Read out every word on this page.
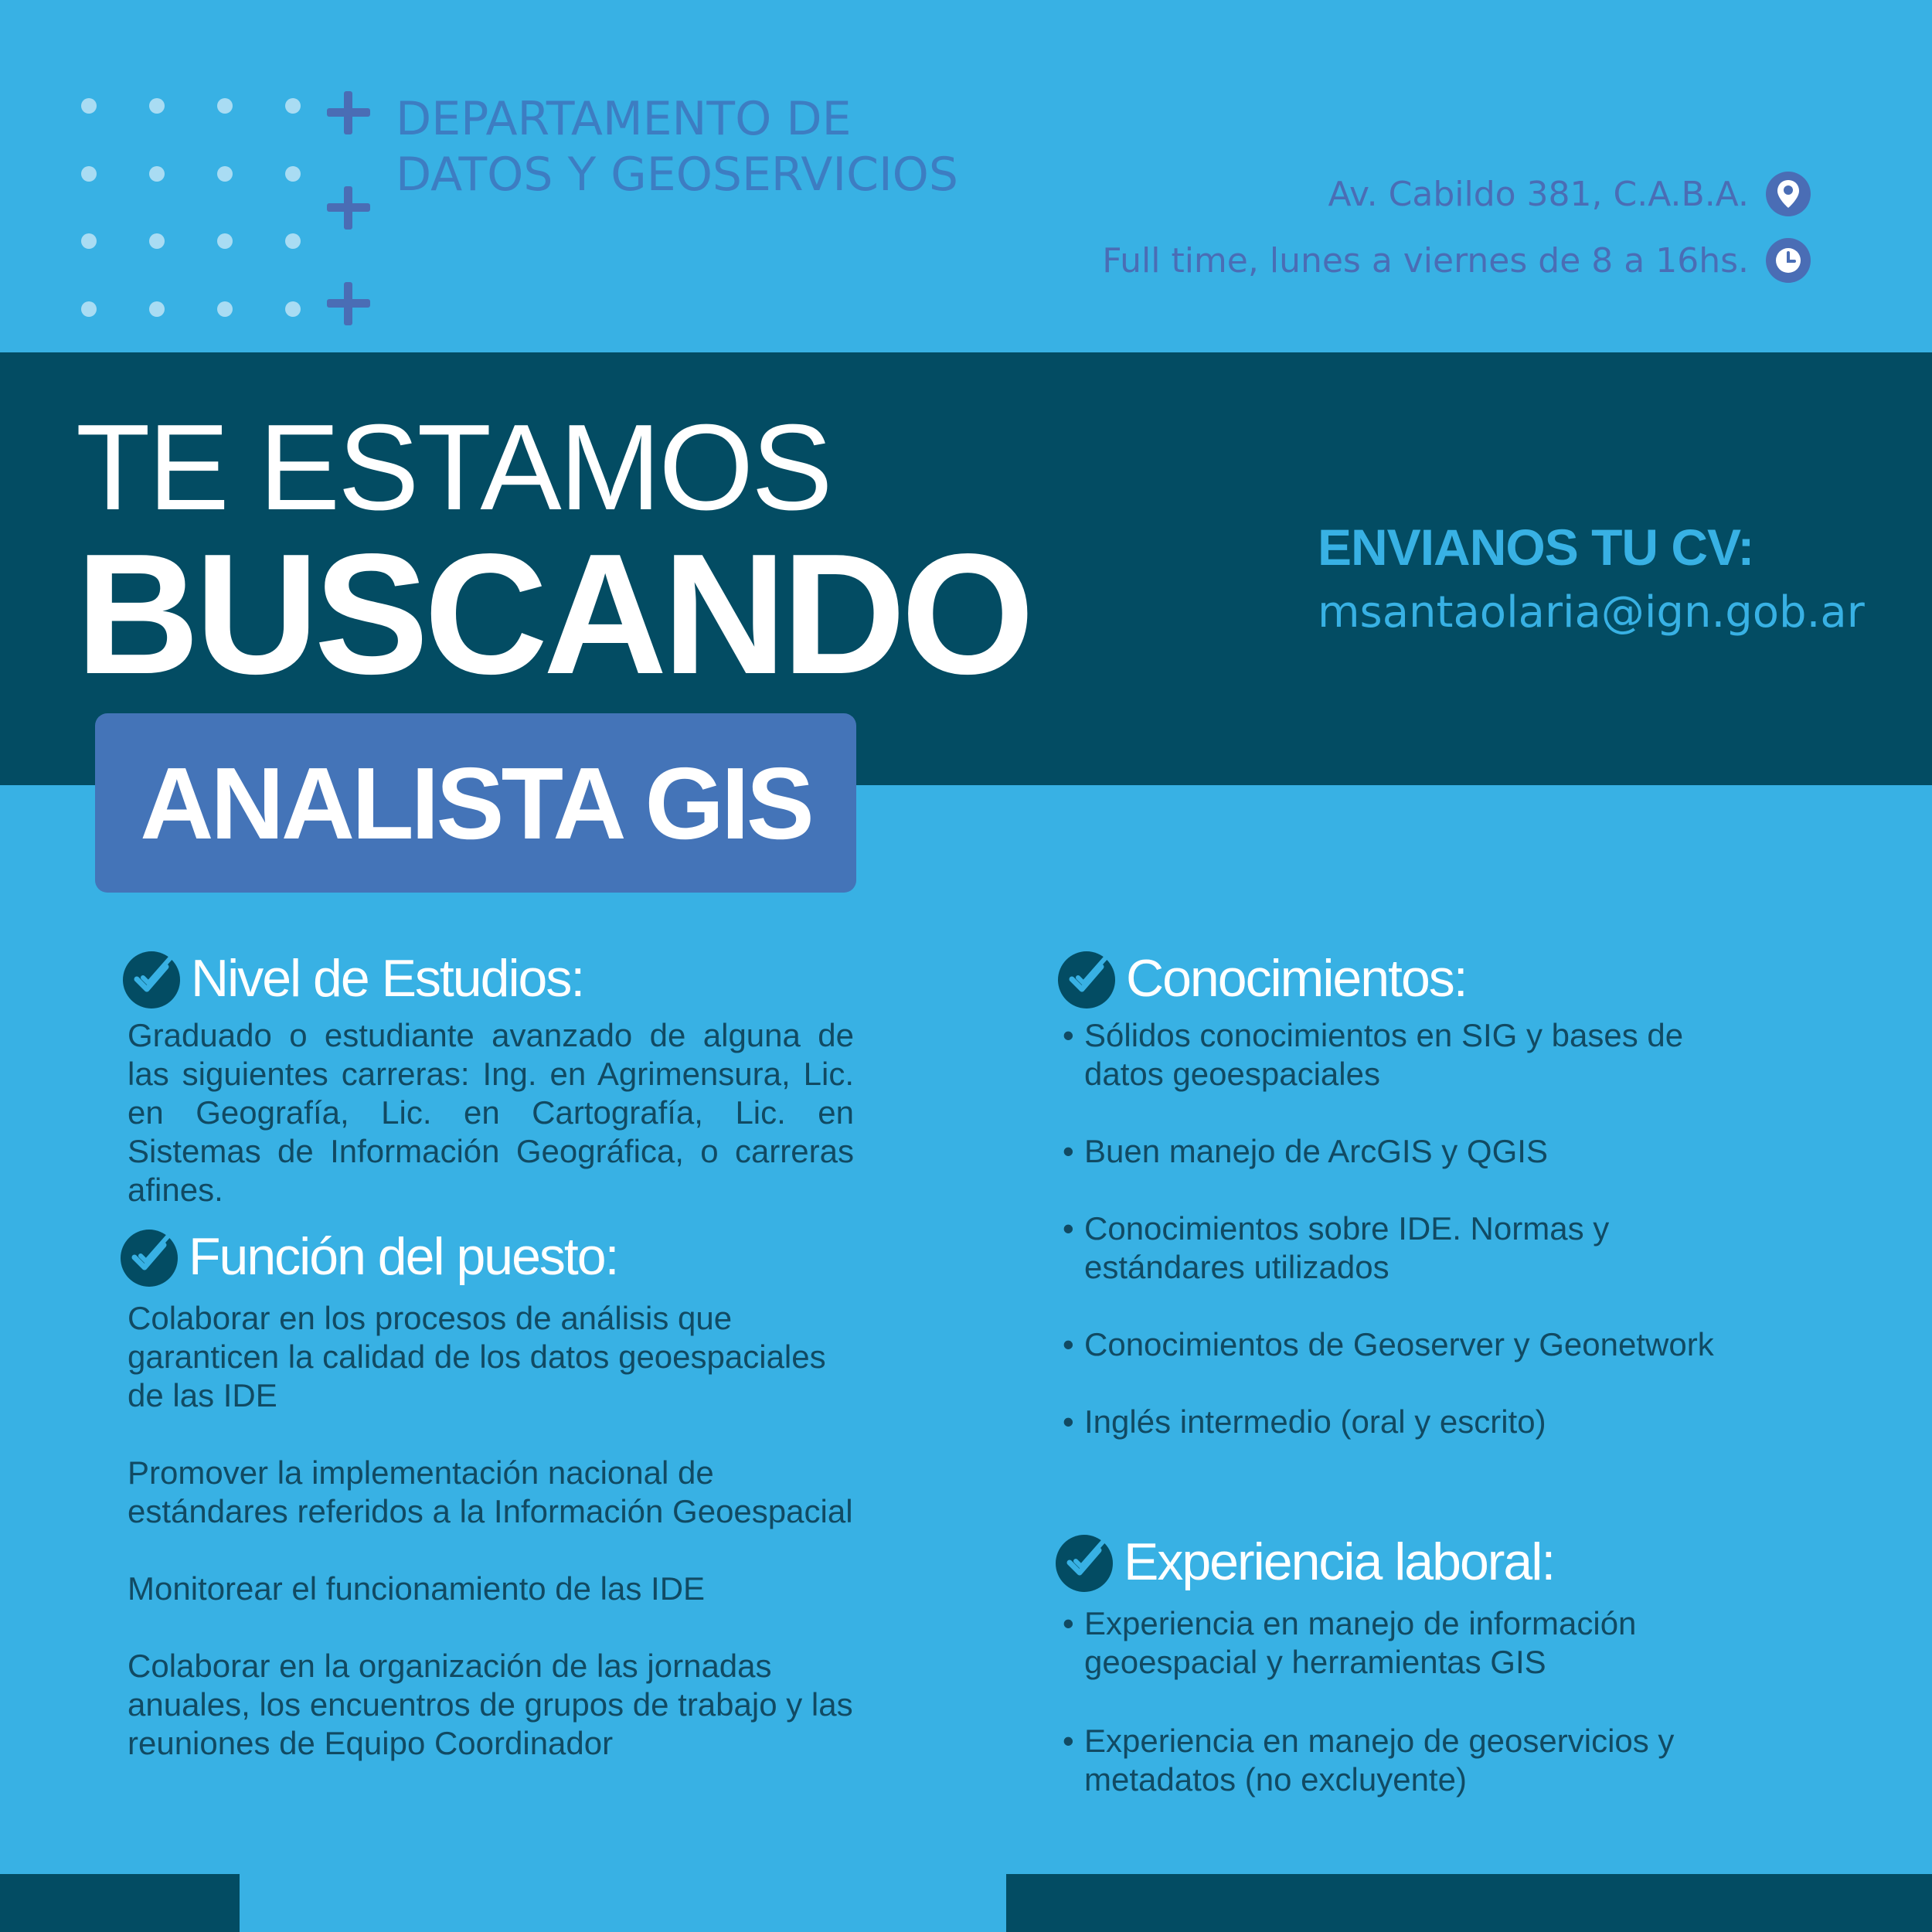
DEPARTAMENTO DE
DATOS Y GEOSERVICIOS	Av. Cabildo 381, C.A.B.A.
Full time, lunes a viernes de 8 a 16hs.
TE ESTAMOS
BUSCANDO	ENVIANOS TU CV:
msantaolaria@ign.gob.ar
ANALISTA GIS
Nivel de Estudios:
Graduado o estudiante avanzado de alguna de las siguientes carreras: Ing. en Agrimensura, Lic. en Geografía, Lic. en Cartografía, Lic. en Sistemas de Información Geográfica, o carreras afines.
Función del puesto:

Colaborar en los procesos de análisis que garanticen la calidad de los datos geoespaciales de las IDE

Promover la implementación nacional de estándares referidos a la Información Geoespacial

Monitorear el funcionamiento de las IDE

Colaborar en la organización de las jornadas anuales, los encuentros de grupos de trabajo y las reuniones de Equipo Coordinador

Conocimientos:
• Sólidos conocimientos en SIG y bases de datos geoespaciales
• Buen manejo de ArcGIS y QGIS
• Conocimientos sobre IDE. Normas y estándares utilizados
• Conocimientos de Geoserver y Geonetwork
• Inglés intermedio (oral y escrito)
Experiencia laboral:
• Experiencia en manejo de información geoespacial y herramientas GIS
• Experiencia en manejo de geoservicios y metadatos (no excluyente)
